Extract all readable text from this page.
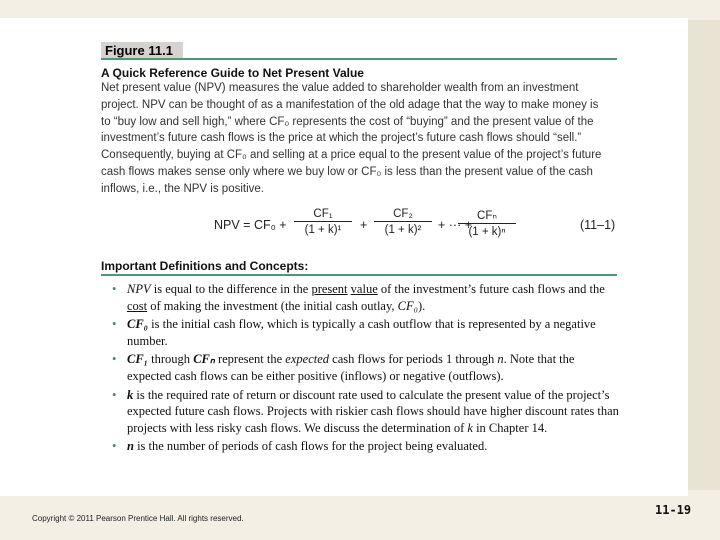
Figure 11.1
A Quick Reference Guide to Net Present Value

Net present value (NPV) measures the value added to shareholder wealth from an investment
project. NPV can be thought of as a manifestation of the old adage that the way to make money is
to “buy low and sell high,” where CF₀ represents the cost of “buying” and the present value of the
investment’s future cash flows is the price at which the project’s future cash flows should “sell.”
Consequently, buying at CF₀ and selling at a price equal to the present value of the project’s future
cash flows makes sense only where we buy low or CF₀ is less than the present value of the cash
inflows, i.e., the NPV is positive.

NPV = $CF_0 + \frac{\text{CF₁}}{\text{(1 + k)¹}} + \frac{\text{CF₂}}{\text{(1 + k)²}}$ + ··· +
CFₙ
(1 + k)ⁿ	(11–1)
Important Definitions and Concepts:
• NPV is equal to the difference in the present value of the investment’s future cash flows and the cost of making the investment (the initial cash outlay, CF₀).
• CF₀ is the initial cash flow, which is typically a cash outflow that is represented by a negative number.
• CF₁ through CFₙ represent the expected cash flows for periods 1 through n. Note that the expected cash flows can be either positive (inflows) or negative (outflows).
• k is the required rate of return or discount rate used to calculate the present value of the project’s expected future cash flows. Projects with riskier cash flows should have higher discount rates than projects with less risky cash flows. We discuss the determination of k in Chapter 14.
• n is the number of periods of cash flows for the project being evaluated.
Copyright © 2011 Pearson Prentice Hall. All rights reserved.
11-19
